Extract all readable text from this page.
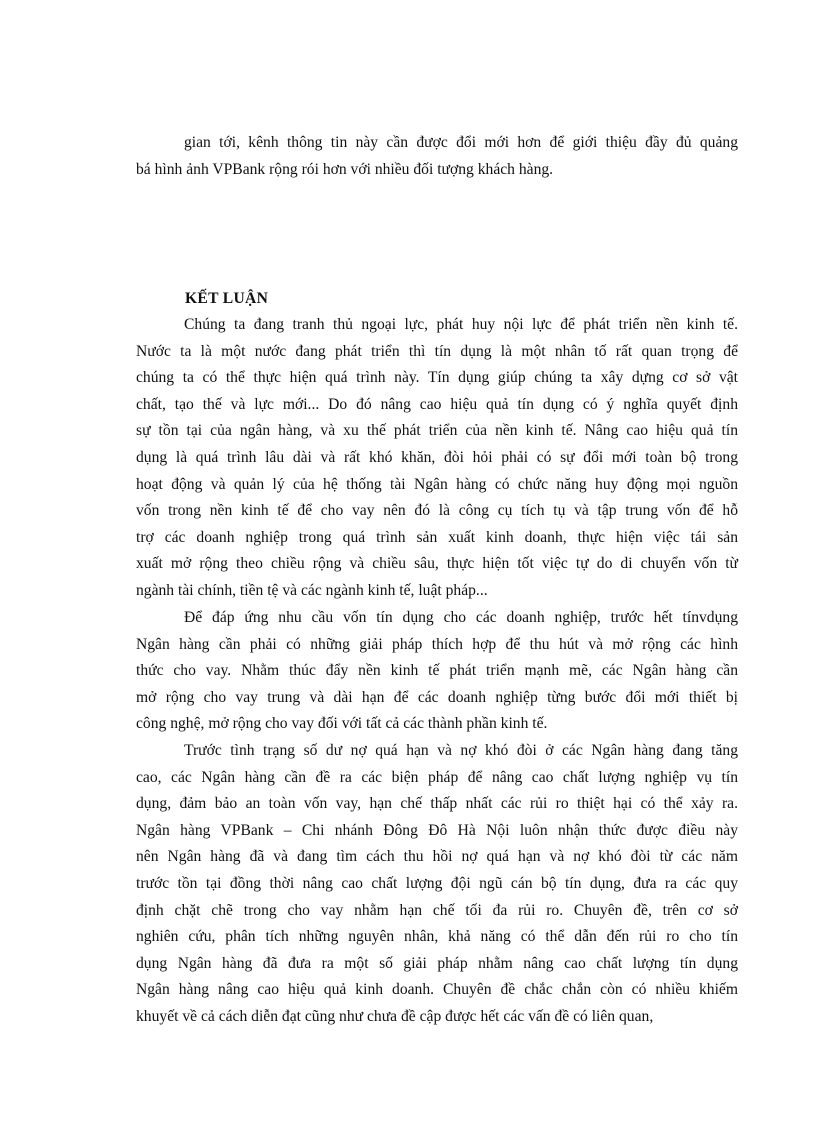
gian tới, kênh thông tin này cần được đổi mới hơn để giới thiệu đầy đủ quảng
bá hình ảnh VPBank rộng rói hơn với nhiều đối tượng khách hàng.
KẾT LUẬN
Chúng ta đang tranh thủ ngoại lực, phát huy nội lực để phát triển nền kinh tế.
Nước ta là một nước đang phát triển thì tín dụng là một nhân tố rất quan trọng để
chúng ta có thể thực hiện quá trình này. Tín dụng giúp chúng ta xây dựng cơ sở vật
chất, tạo thế và lực mới... Do đó nâng cao hiệu quả tín dụng có ý nghĩa quyết định
sự tồn tại của ngân hàng, và xu thế phát triển của nền kinh tế. Nâng cao hiệu quả tín
dụng là quá trình lâu dài và rất khó khăn, đòi hỏi phải có sự đổi mới toàn bộ trong
hoạt động và quản lý của hệ thống tài Ngân hàng có chức năng huy động mọi nguồn
vốn trong nền kinh tế để cho vay nên đó là công cụ tích tụ và tập trung vốn để hỗ
trợ các doanh nghiệp trong quá trình sản xuất kinh doanh, thực hiện việc tái sản
xuất mở rộng theo chiều rộng và chiều sâu, thực hiện tốt việc tự do di chuyển vốn từ
ngành tài chính, tiền tệ và các ngành kinh tế, luật pháp...
Để đáp ứng nhu cầu vốn tín dụng cho các doanh nghiệp, trước hết tínvdụng
Ngân hàng cần phải có những giải pháp thích hợp để thu hút và mở rộng các hình
thức cho vay. Nhằm thúc đẩy nền kinh tế phát triển mạnh mẽ, các Ngân hàng cần
mở rộng cho vay trung và dài hạn để các doanh nghiệp từng bước đổi mới thiết bị
công nghệ, mở rộng cho vay đối với tất cả các thành phần kinh tế.
Trước tình trạng số dư nợ quá hạn và nợ khó đòi ở các Ngân hàng đang tăng
cao, các Ngân hàng cần đề ra các biện pháp để nâng cao chất lượng nghiệp vụ tín
dụng, đảm bảo an toàn vốn vay, hạn chế thấp nhất các rủi ro thiệt hại có thể xảy ra.
Ngân hàng VPBank – Chi nhánh Đông Đô Hà Nội luôn nhận thức được điều này
nên Ngân hàng đã và đang tìm cách thu hồi nợ quá hạn và nợ khó đòi từ các năm
trước tồn tại đồng thời nâng cao chất lượng đội ngũ cán bộ tín dụng, đưa ra các quy
định chặt chẽ trong cho vay nhằm hạn chế tối đa rủi ro. Chuyên đề, trên cơ sở
nghiên cứu, phân tích những nguyên nhân, khả năng có thể dẫn đến rủi ro cho tín
dụng Ngân hàng đã đưa ra một số giải pháp nhằm nâng cao chất lượng tín dụng
Ngân hàng nâng cao hiệu quả kinh doanh. Chuyên đề chắc chắn còn có nhiều khiếm
khuyết về cả cách diễn đạt cũng như chưa đề cập được hết các vấn đề có liên quan,
